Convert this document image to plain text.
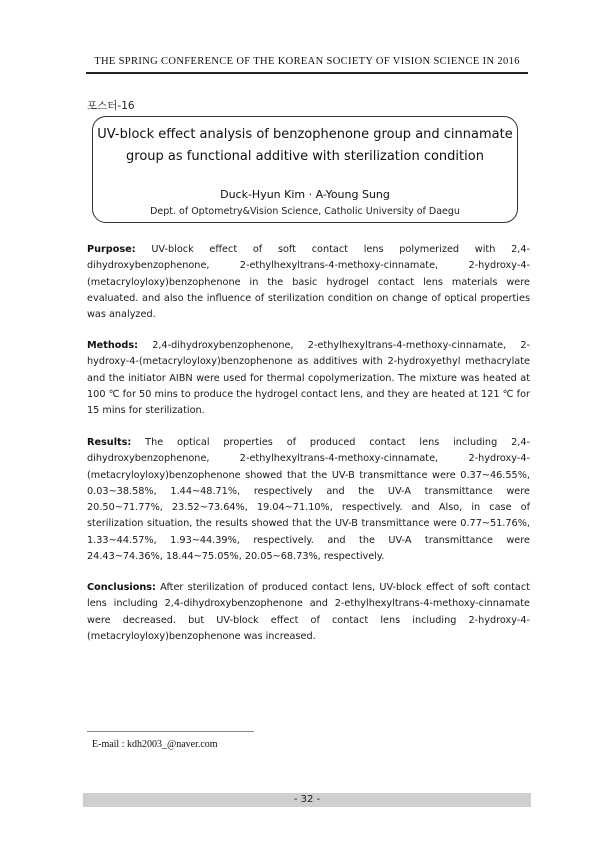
THE SPRING CONFERENCE OF THE KOREAN SOCIETY OF VISION SCIENCE IN 2016
포스터-16
UV-block effect analysis of benzophenone group and cinnamate
group as functional additive with sterilization condition
Duck-Hyun Kim · A-Young Sung
Dept. of Optometry&Vision Science, Catholic University of Daegu

Purpose: UV-block effect of soft contact lens polymerized with 2,4-dihydroxybenzophenone, 2-ethylhexyltrans-4-methoxy-cinnamate, 2-hydroxy-4-(metacryloyloxy)benzophenone in the basic hydrogel contact lens materials were evaluated. and also the influence of sterilization condition on change of optical properties was analyzed.

Methods: 2,4-dihydroxybenzophenone, 2-ethylhexyltrans-4-methoxy-cinnamate, 2-hydroxy-4-(metacryloyloxy)benzophenone as additives with 2-hydroxyethyl methacrylate and the initiator AIBN were used for thermal copolymerization. The mixture was heated at 100 ℃ for 50 mins to produce the hydrogel contact lens, and they are heated at 121 ℃ for 15 mins for sterilization.

Results: The optical properties of produced contact lens including 2,4-dihydroxybenzophenone, 2-ethylhexyltrans-4-methoxy-cinnamate, 2-hydroxy-4-(metacryloyloxy)benzophenone showed that the UV-B transmittance were 0.37~46.55%, 0.03~38.58%, 1.44~48.71%, respectively and the UV-A transmittance were 20.50~71.77%, 23.52~73.64%, 19.04~71.10%, respectively. and Also, in case of sterilization situation, the results showed that the UV-B transmittance were 0.77~51.76%, 1.33~44.57%, 1.93~44.39%, respectively. and the UV-A transmittance were 24.43~74.36%, 18.44~75.05%, 20.05~68.73%, respectively.

Conclusions: After sterilization of produced contact lens, UV-block effect of soft contact lens including 2,4-dihydroxybenzophenone and 2-ethylhexyltrans-4-methoxy-cinnamate were decreased. but UV-block effect of contact lens including 2-hydroxy-4-(metacryloyloxy)benzophenone was increased.

E-mail : kdh2003_@naver.com
- 32 -
